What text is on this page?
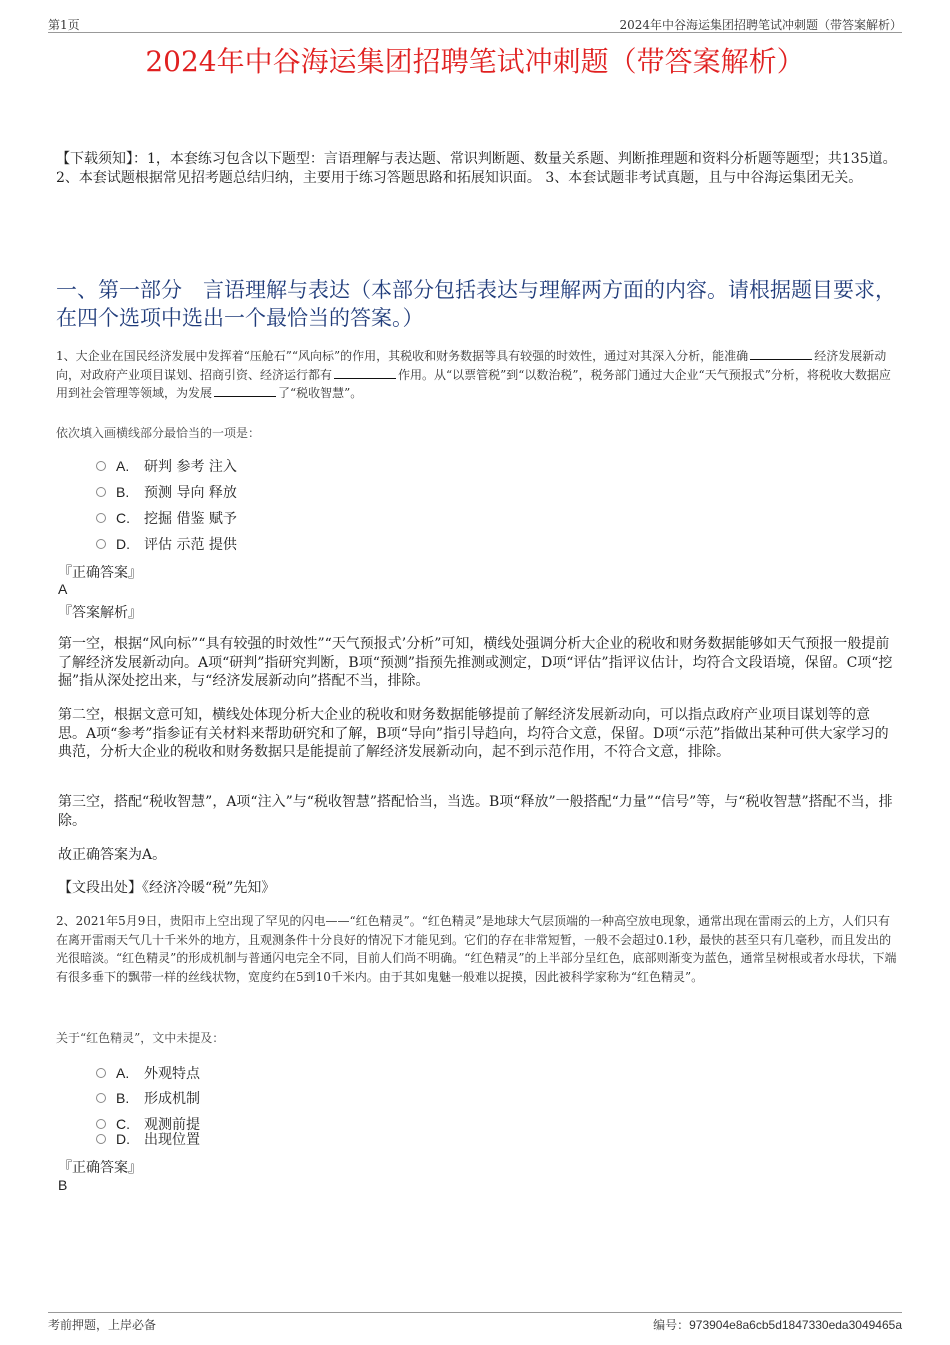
第1页	2024年中谷海运集团招聘笔试冲刺题（带答案解析）
2024年中谷海运集团招聘笔试冲刺题（带答案解析）
【下载须知】：1，本套练习包含以下题型：言语理解与表达题、常识判断题、数量关系题、判断推理题和资料分析题等题型；共135道。 2、本套试题根据常见招考题总结归纳，主要用于练习答题思路和拓展知识面。 3、本套试题非考试真题，且与中谷海运集团无关。
一、第一部分　言语理解与表达（本部分包括表达与理解两方面的内容。请根据题目要求，在四个选项中选出一个最恰当的答案。）
1、大企业在国民经济发展中发挥着“压舱石”“风向标”的作用，其税收和财务数据等具有较强的时效性，通过对其深入分析，能准确	经济发展新动向，对政府产业项目谋划、招商引资、经济运行都有	作用。从“以票管税”到“以数治税”，税务部门通过大企业“天气预报式”分析，将税收大数据应用到社会管理等领域，为发展	了“税收智慧”。
依次填入画横线部分最恰当的一项是：
A. 研判 参考 注入
B. 预测 导向 释放
C. 挖掘 借鉴 赋予
D. 评估 示范 提供
『正确答案』
A
『答案解析』
第一空，根据“风向标”“具有较强的时效性”“天气预报式’分析”可知，横线处强调分析大企业的税收和财务数据能够如天气预报一般提前了解经济发展新动向。A项“研判”指研究判断，B项“预测”指预先推测或测定，D项“评估”指评议估计，均符合文段语境，保留。C项“挖掘”指从深处挖出来，与“经济发展新动向”搭配不当，排除。
第二空，根据文意可知，横线处体现分析大企业的税收和财务数据能够提前了解经济发展新动向，可以指点政府产业项目谋划等的意思。A项“参考”指参证有关材料来帮助研究和了解，B项“导向”指引导趋向，均符合文意，保留。D项“示范”指做出某种可供大家学习的典范，分析大企业的税收和财务数据只是能提前了解经济发展新动向，起不到示范作用，不符合文意，排除。
第三空，搭配“税收智慧”，A项“注入”与“税收智慧”搭配恰当，当选。B项“释放”一般搭配“力量”“信号”等，与“税收智慧”搭配不当，排除。
故正确答案为A。
【文段出处】《经济冷暖“税”先知》
2、2021年5月9日，贵阳市上空出现了罕见的闪电——“红色精灵”。“红色精灵”是地球大气层顶端的一种高空放电现象，通常出现在雷雨云的上方，人们只有在离开雷雨天气几十千米外的地方，且观测条件十分良好的情况下才能见到。它们的存在非常短暂，一般不会超过0.1秒，最快的甚至只有几毫秒，而且发出的光很暗淡。“红色精灵”的形成机制与普通闪电完全不同，目前人们尚不明确。“红色精灵”的上半部分呈红色，底部则渐变为蓝色，通常呈树根或者水母状，下端有很多垂下的飘带一样的丝线状物，宽度约在5到10千米内。由于其如鬼魅一般难以捉摸，因此被科学家称为“红色精灵”。
关于“红色精灵”，文中未提及：
A. 外观特点
B. 形成机制
C. 观测前提
D. 出现位置
『正确答案』
B
考前押题，上岸必备	编号：973904e8a6cb5d1847330eda3049465a
